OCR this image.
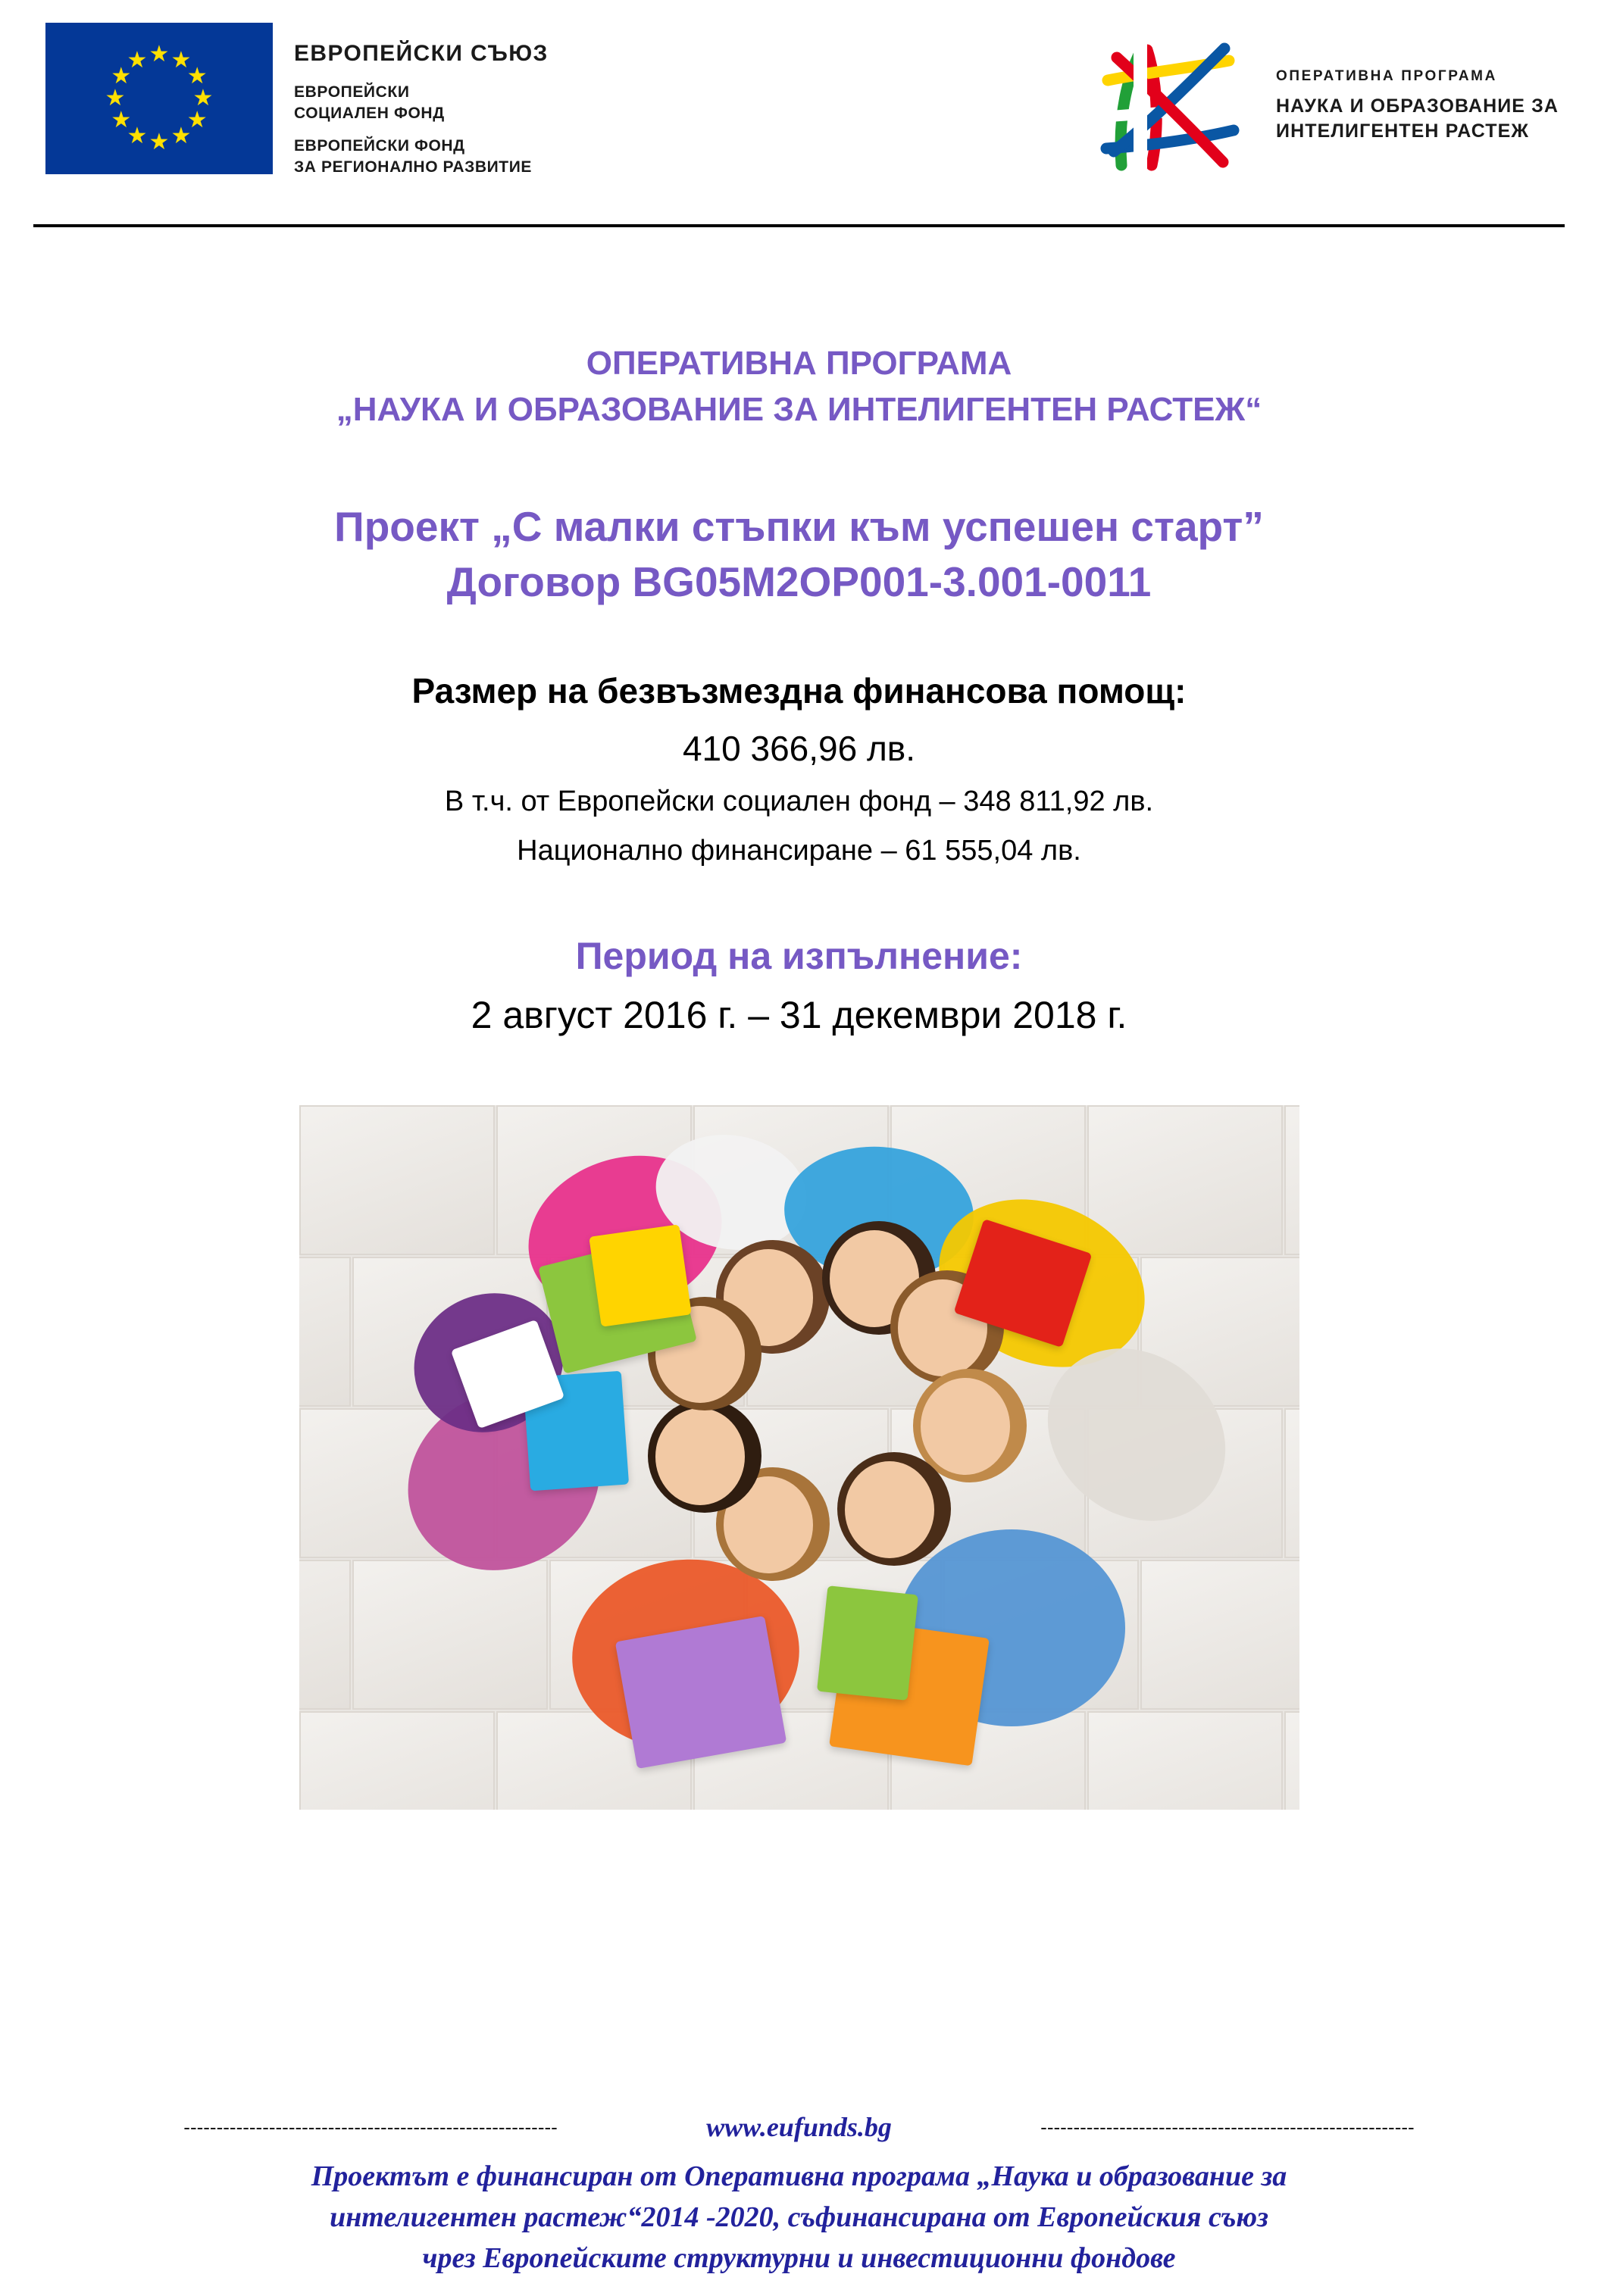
★ ★
★
★
★
★
★
★
★
★
★
★	ЕВРОПЕЙСКИ СЪЮЗ
ЕВРОПЕЙСКИ
СОЦИАЛЕН ФОНД
ЕВРОПЕЙСКИ ФОНД
ЗА РЕГИОНАЛНО РАЗВИТИЕ
ОПЕРАТИВНА ПРОГРАМА
НАУКА И ОБРАЗОВАНИЕ ЗА
ИНТЕЛИГЕНТЕН РАСТЕЖ
ОПЕРАТИВНА ПРОГРАМА
„НАУКА И ОБРАЗОВАНИЕ ЗА ИНТЕЛИГЕНТЕН РАСТЕЖ“
Проект „С малки стъпки към успешен старт”
Договор BG05M2OP001-3.001-0011
Размер на безвъзмездна финансова помощ:
410 366,96 лв.
В т.ч. от Европейски социален фонд – 348 811,92 лв.
Национално финансиране – 61 555,04 лв.
Период на изпълнение:
2 август 2016 г. – 31 декември 2018 г.
---------------------------------------------------------	www.eufunds.bg	---------------------------------------------------------
Проектът е финансиран от Оперативна програма „Наука и образование за
интелигентен растеж“2014 -2020, съфинансирана от Европейския съюз
чрез Европейските структурни и инвестиционни фондове
